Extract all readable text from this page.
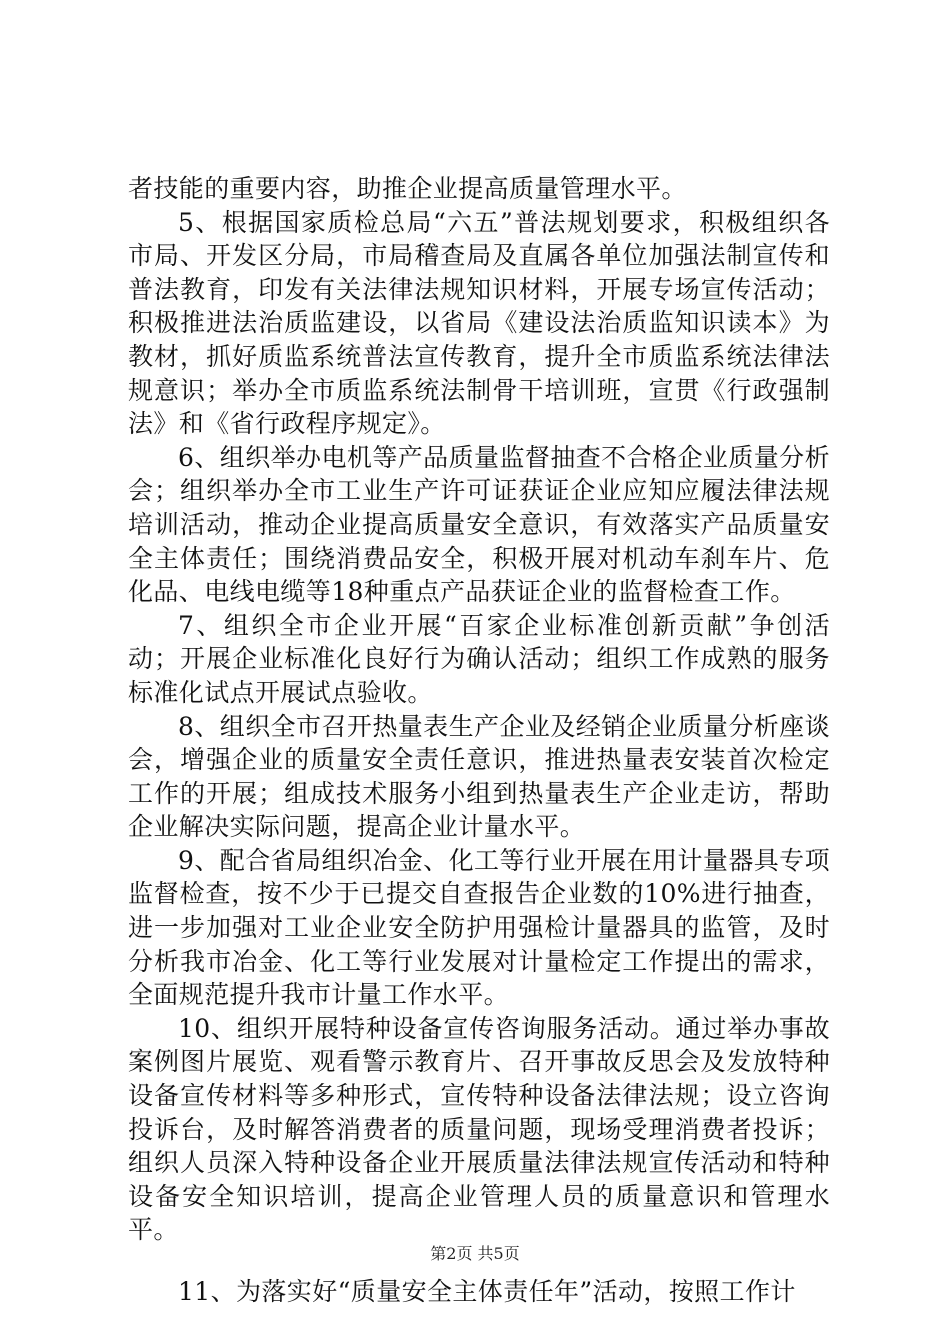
者技能的重要内容，助推企业提高质量管理水平。

5、根据国家质检总局“六五”普法规划要求，积极组织各市局、开发区分局，市局稽查局及直属各单位加强法制宣传和普法教育，印发有关法律法规知识材料，开展专场宣传活动；积极推进法治质监建设，以省局《建设法治质监知识读本》为教材，抓好质监系统普法宣传教育，提升全市质监系统法律法规意识；举办全市质监系统法制骨干培训班，宣贯《行政强制法》和《省行政程序规定》。

6、组织举办电机等产品质量监督抽查不合格企业质量分析会；组织举办全市工业生产许可证获证企业应知应履法律法规培训活动，推动企业提高质量安全意识，有效落实产品质量安全主体责任；围绕消费品安全，积极开展对机动车刹车片、危化品、电线电缆等18种重点产品获证企业的监督检查工作。

7、组织全市企业开展“百家企业标准创新贡献”争创活动；开展企业标准化良好行为确认活动；组织工作成熟的服务标准化试点开展试点验收。

8、组织全市召开热量表生产企业及经销企业质量分析座谈会，增强企业的质量安全责任意识，推进热量表安装首次检定工作的开展；组成技术服务小组到热量表生产企业走访，帮助企业解决实际问题，提高企业计量水平。

9、配合省局组织冶金、化工等行业开展在用计量器具专项监督检查，按不少于已提交自查报告企业数的10%进行抽查，进一步加强对工业企业安全防护用强检计量器具的监管，及时分析我市冶金、化工等行业发展对计量检定工作提出的需求，全面规范提升我市计量工作水平。

10、组织开展特种设备宣传咨询服务活动。通过举办事故案例图片展览、观看警示教育片、召开事故反思会及发放特种设备宣传材料等多种形式，宣传特种设备法律法规；设立咨询投诉台，及时解答消费者的质量问题，现场受理消费者投诉；组织人员深入特种设备企业开展质量法律法规宣传活动和特种设备安全知识培训，提高企业管理人员的质量意识和管理水平。

11、为落实好“质量安全主体责任年”活动，按照工作计

第2页 共5页
